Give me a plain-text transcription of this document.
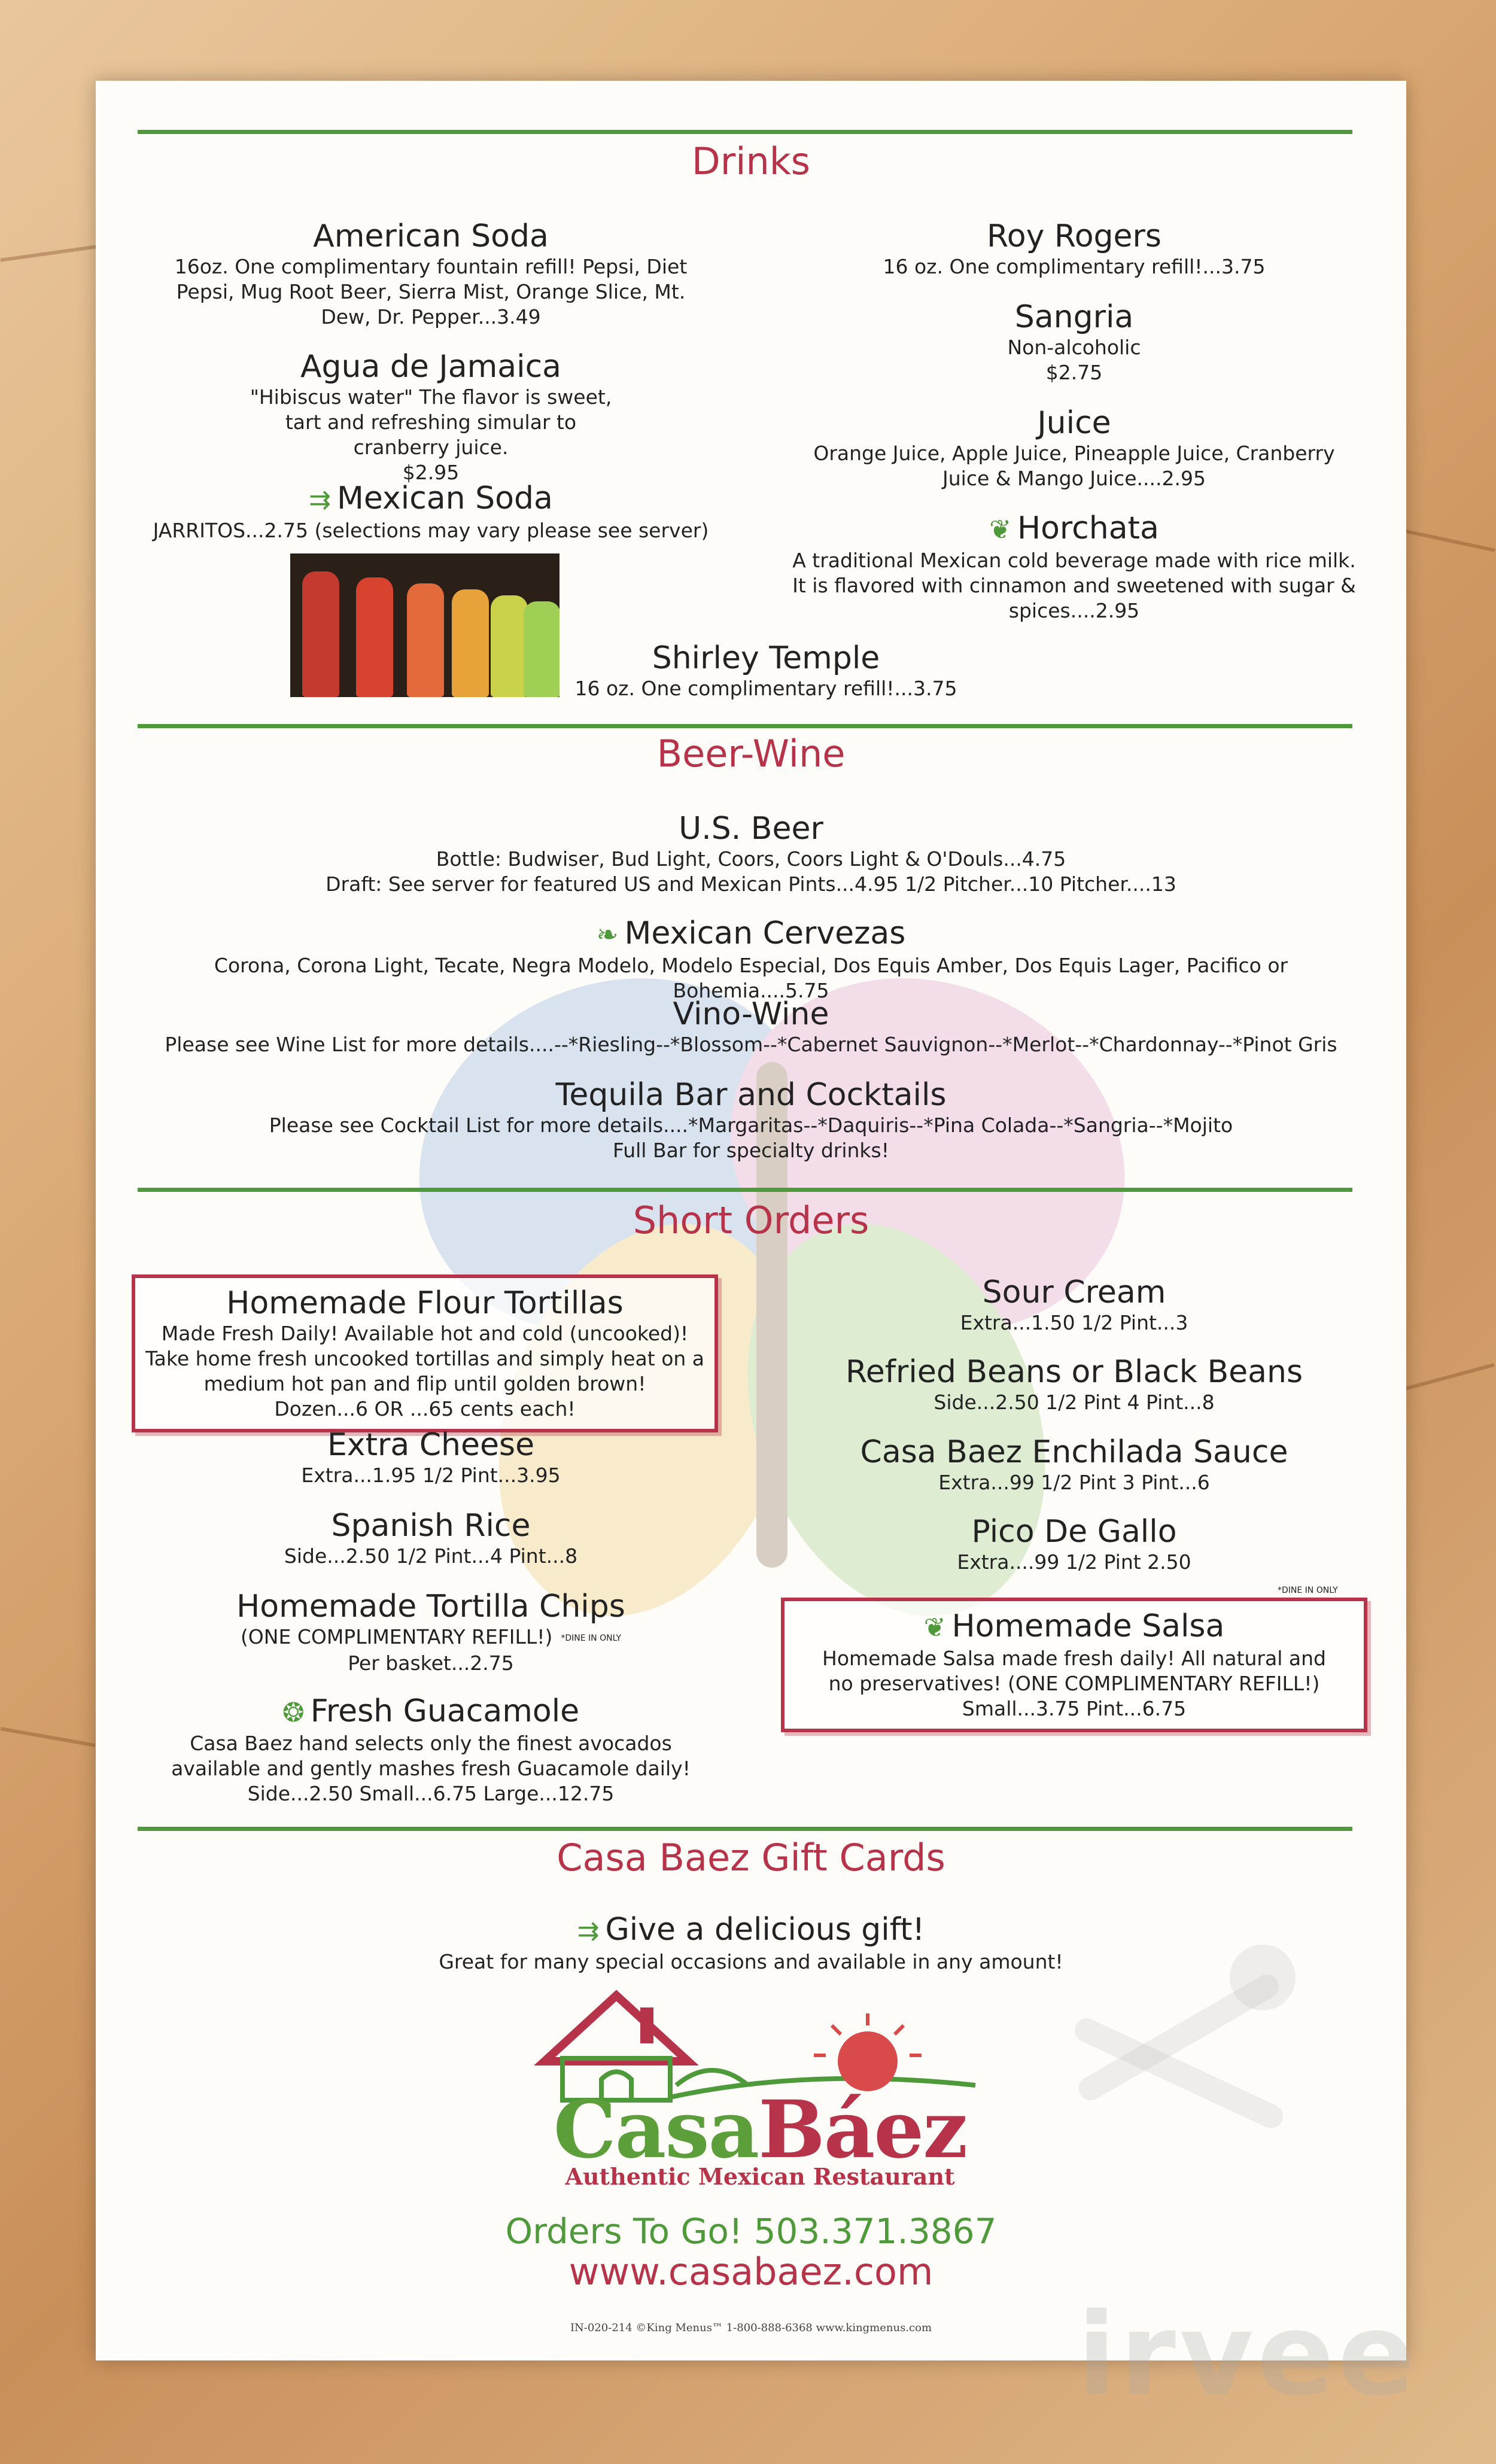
Drinks
American Soda
16oz. One complimentary fountain refill! Pepsi, Diet Pepsi, Mug Root Beer, Sierra Mist, Orange Slice, Mt. Dew, Dr. Pepper...3.49
Agua de Jamaica
"Hibiscus water" The flavor is sweet, tart and refreshing simular to cranberry juice.
$2.95
⇉ Mexican Soda
JARRITOS...2.75 (selections may vary please see server)
Roy Rogers
16 oz. One complimentary refill!...3.75
Sangria
Non-alcoholic
$2.75
Juice
Orange Juice, Apple Juice, Pineapple Juice, Cranberry Juice & Mango Juice....2.95
❦ Horchata
A traditional Mexican cold beverage made with rice milk. It is flavored with cinnamon and sweetened with sugar & spices....2.95
Shirley Temple
16 oz. One complimentary refill!...3.75
Beer-Wine
U.S. Beer
Bottle: Budwiser, Bud Light, Coors, Coors Light & O'Douls...4.75
Draft: See server for featured US and Mexican Pints...4.95 1/2 Pitcher...10 Pitcher....13
❧ Mexican Cervezas
Corona, Corona Light, Tecate, Negra Modelo, Modelo Especial, Dos Equis Amber, Dos Equis Lager, Pacifico or Bohemia....5.75
Vino-Wine
Please see Wine List for more details....--*Riesling--*Blossom--*Cabernet Sauvignon--*Merlot--*Chardonnay--*Pinot Gris
Tequila Bar and Cocktails
Please see Cocktail List for more details....*Margaritas--*Daquiris--*Pina Colada--*Sangria--*Mojito
Full Bar for specialty drinks!
Short Orders
Homemade Flour Tortillas
Made Fresh Daily! Available hot and cold (uncooked)! Take home fresh uncooked tortillas and simply heat on a medium hot pan and flip until golden brown!
Dozen...6 OR ...65 cents each!
Extra Cheese
Extra...1.95 1/2 Pint...3.95
Spanish Rice
Side...2.50 1/2 Pint...4 Pint...8
Homemade Tortilla Chips
(ONE COMPLIMENTARY REFILL!) *DINE IN ONLY
Per basket...2.75
❂ Fresh Guacamole
Casa Baez hand selects only the finest avocados available and gently mashes fresh Guacamole daily!
Side...2.50 Small...6.75 Large...12.75
Sour Cream
Extra...1.50 1/2 Pint...3
Refried Beans or Black Beans
Side...2.50 1/2 Pint 4 Pint...8
Casa Baez Enchilada Sauce
Extra...99 1/2 Pint 3 Pint...6
Pico De Gallo
Extra....99 1/2 Pint 2.50
*DINE IN ONLY
❦ Homemade Salsa
Homemade Salsa made fresh daily! All natural and no preservatives! (ONE COMPLIMENTARY REFILL!)
Small...3.75 Pint...6.75
Casa Baez Gift Cards
⇉ Give a delicious gift!
Great for many special occasions and available in any amount!
CasaBáez
Authentic Mexican Restaurant
Orders To Go! 503.371.3867
www.casabaez.com
IN-020-214 ©King Menus™ 1-800-888-6368 www.kingmenus.com	irvee
